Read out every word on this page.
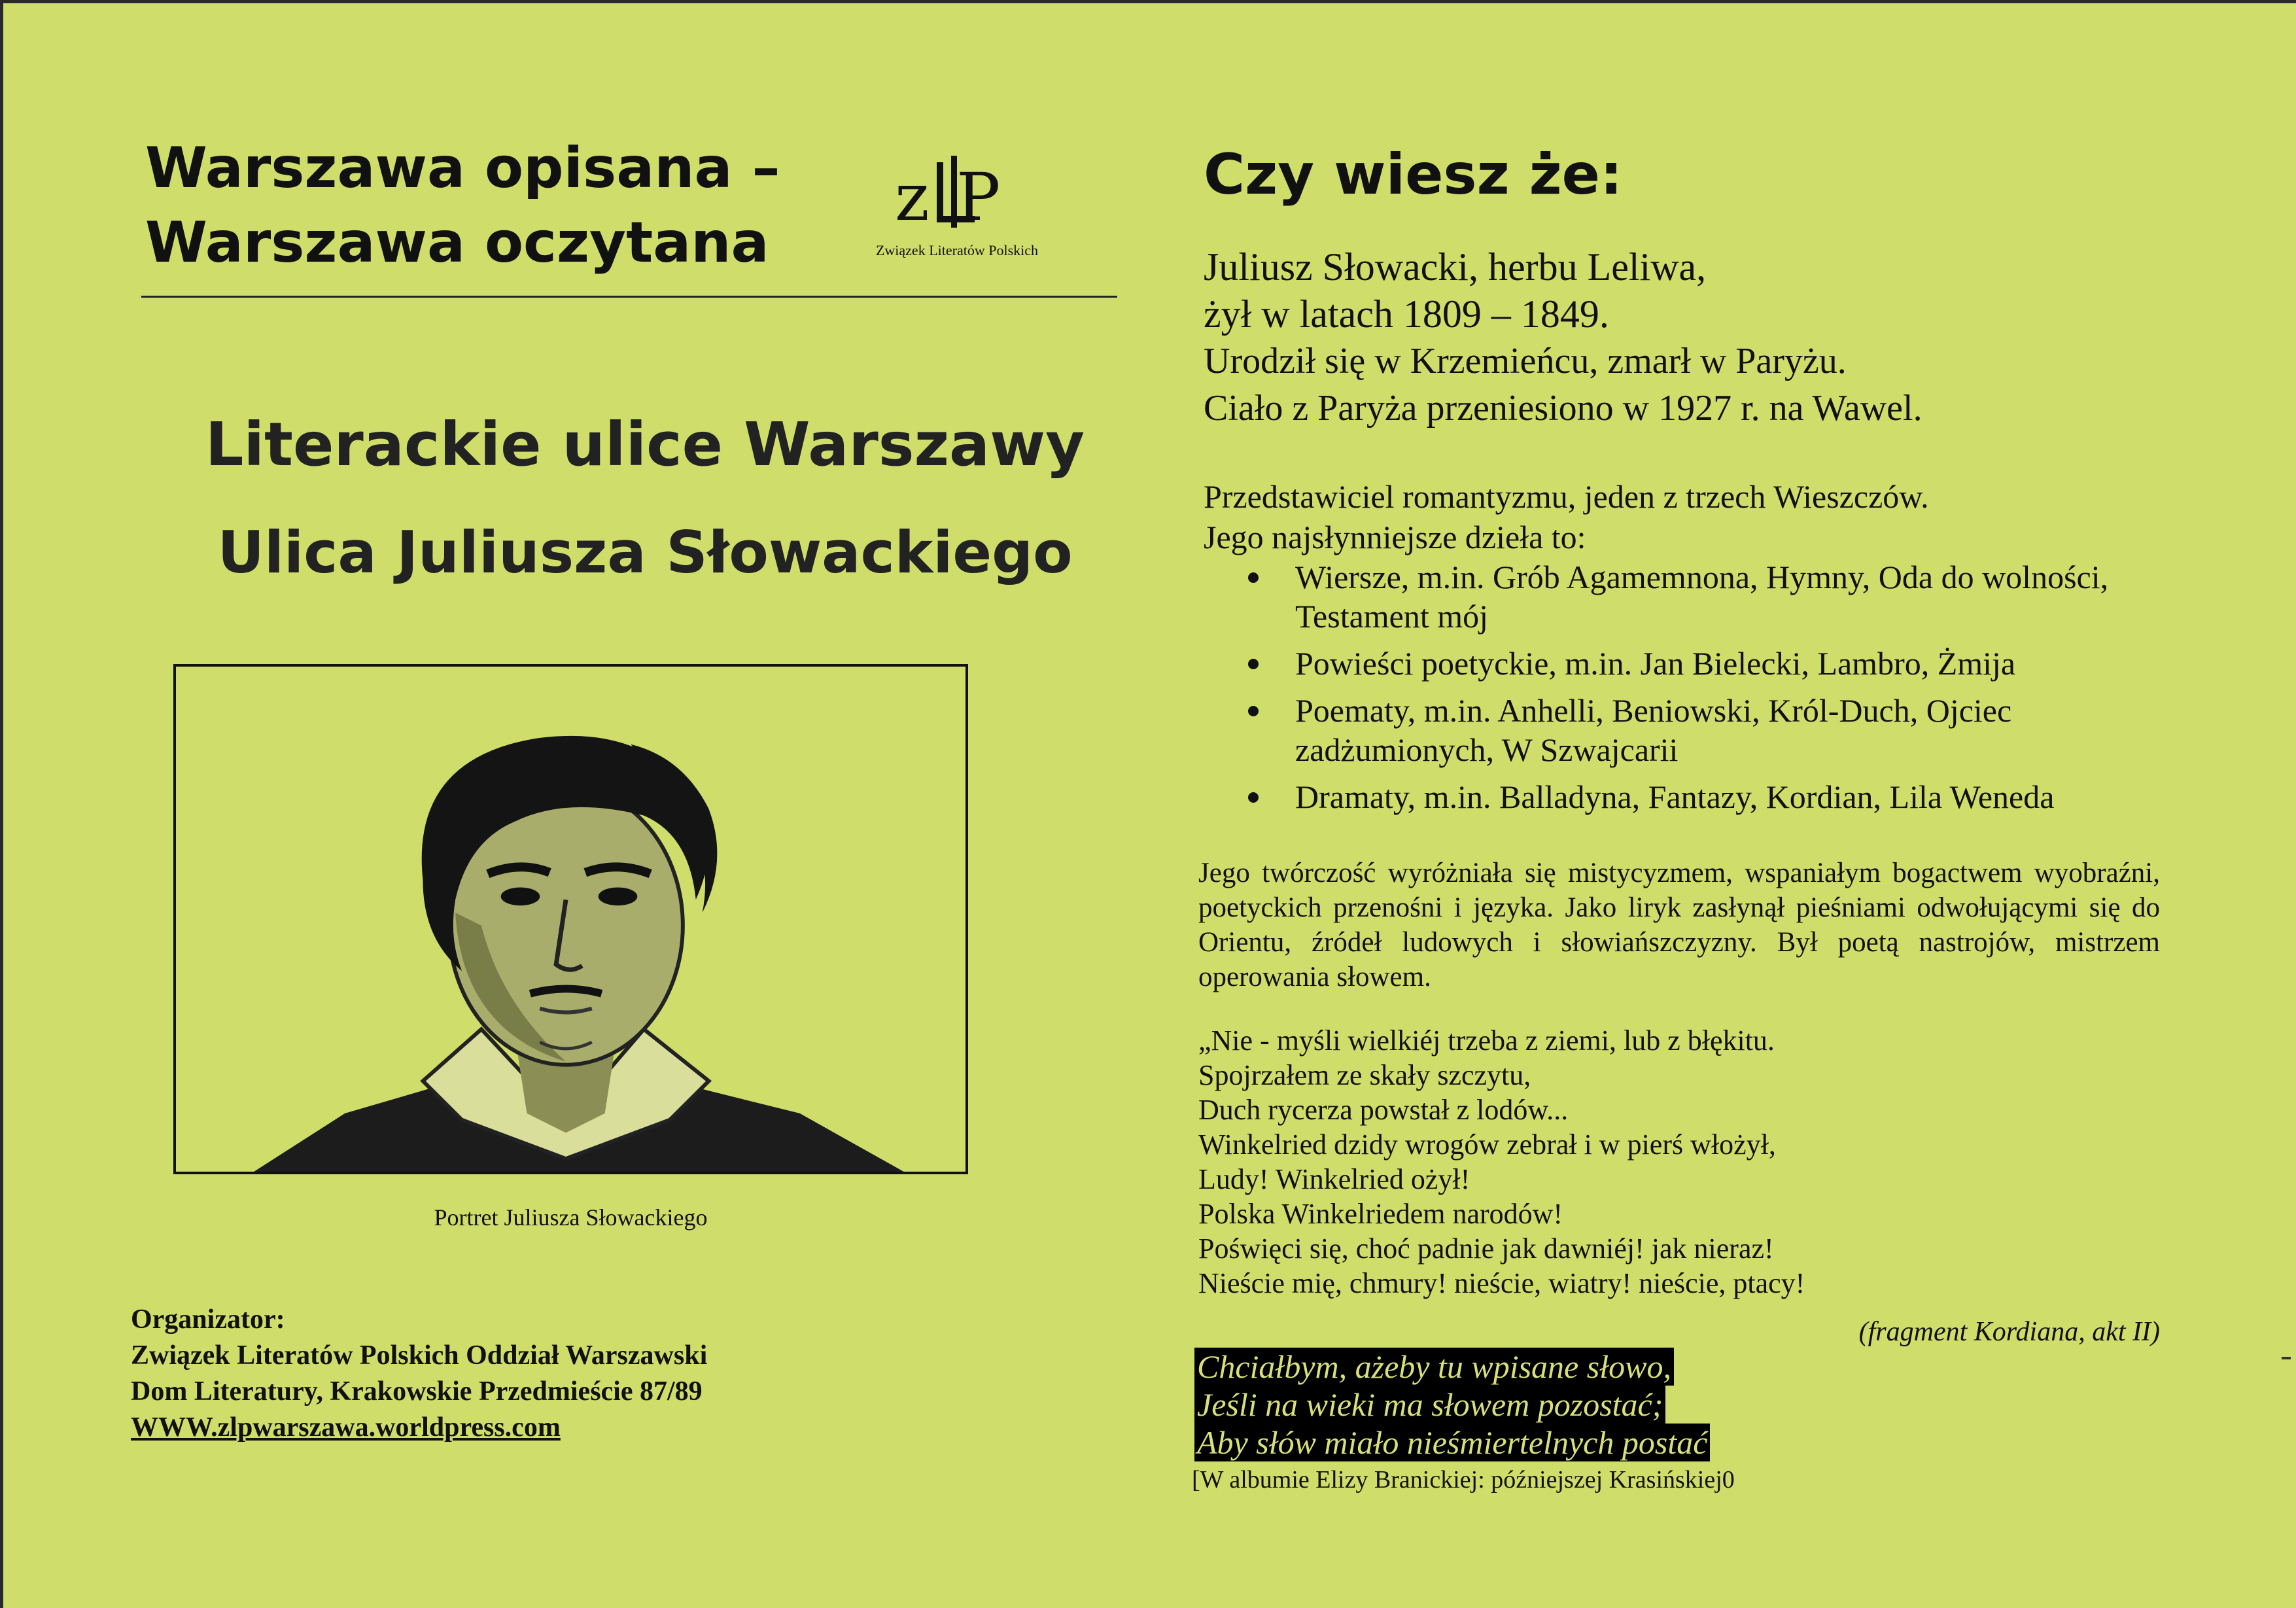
Warszawa opisana –
Warszawa oczytana
z P
Związek Literatów Polskich
Literackie ulice Warszawy
Ulica Juliusza Słowackiego
Portret Juliusza Słowackiego
Organizator:
Związek Literatów Polskich Oddział Warszawski
Dom Literatury, Krakowskie Przedmieście 87/89
WWW.zlpwarszawa.worldpress.com
Czy wiesz że:
Juliusz Słowacki, herbu Leliwa,
żył w latach 1809 – 1849.
Urodził się w Krzemieńcu, zmarł w Paryżu.
Ciało z Paryża przeniesiono w 1927 r. na Wawel.
Przedstawiciel romantyzmu, jeden z trzech Wieszczów.
Jego najsłynniejsze dzieła to:
Wiersze, m.in. Grób Agamemnona, Hymny, Oda do wolności, Testament mój
Powieści poetyckie, m.in. Jan Bielecki, Lambro, Żmija
Poematy, m.in. Anhelli, Beniowski, Król-Duch, Ojciec zadżumionych, W Szwajcarii
Dramaty, m.in. Balladyna, Fantazy, Kordian, Lila Weneda
Jego twórczość wyróżniała się mistycyzmem, wspaniałym bogactwem wyobraźni, poetyckich przenośni i języka. Jako liryk zasłynął pieśniami odwołującymi się do Orientu, źródeł ludowych i słowiańszczyzny. Był poetą nastrojów, mistrzem operowania słowem.
„Nie - myśli wielkiéj trzeba z ziemi, lub z błękitu.
Spojrzałem ze skały szczytu,
Duch rycerza powstał z lodów...
Winkelried dzidy wrogów zebrał i w pierś włożył,
Ludy! Winkelried ożył!
Polska Winkelriedem narodów!
Poświęci się, choć padnie jak dawniéj! jak nieraz!
Nieście mię, chmury! nieście, wiatry! nieście, ptacy!
(fragment Kordiana, akt II)
Chciałbym, ażeby tu wpisane słowo,
Jeśli na wieki ma słowem pozostać;
Aby słów miało nieśmiertelnych postać
[W albumie Elizy Branickiej: późniejszej Krasińskiej0
